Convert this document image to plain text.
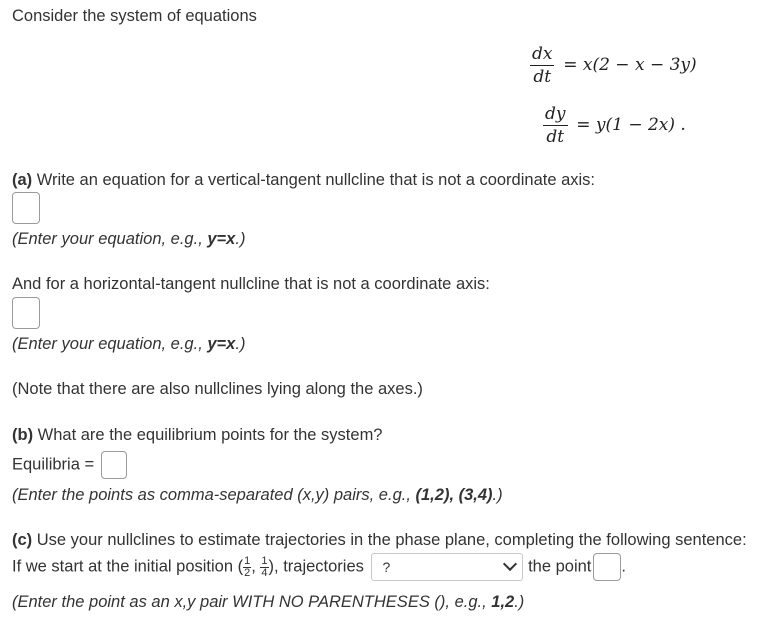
Consider the system of equations
$\frac{dx}{dt} = x(2 - x - 3y)$
$\frac{dy}{dt} = y(1 - 2x)$ .
(a) Write an equation for a vertical-tangent nullcline that is not a coordinate axis:
(Enter your equation, e.g., y=x.)
And for a horizontal-tangent nullcline that is not a coordinate axis:
(Enter your equation, e.g., y=x.)
(Note that there are also nullclines lying along the axes.)
(b) What are the equilibrium points for the system?
Equilibria =
(Enter the points as comma-separated (x,y) pairs, e.g., (1,2), (3,4).)
(c) Use your nullclines to estimate trajectories in the phase plane, completing the following sentence:
If we start at the initial position ( $\frac{1}{2}$ , $\frac{1}{4}$ ), trajectories ?	the point .
(Enter the point as an x,y pair WITH NO PARENTHESES (), e.g., 1,2.)
